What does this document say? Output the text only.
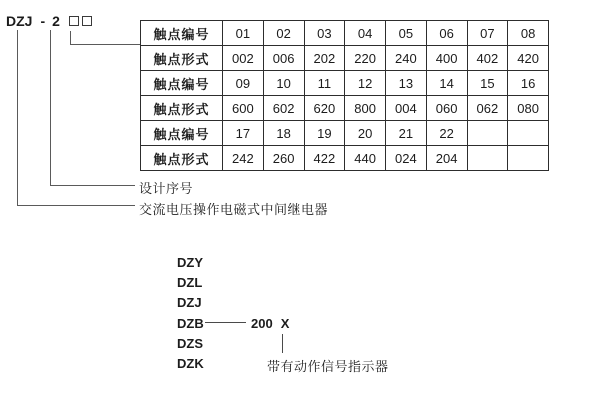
DZJ - 2
触点编号	01	02	03	04	05	06	07	08
触点形式	002	006	202	220	240	400	402	420
触点编号	09	10	11	12	13	14	15	16
触点形式	600	602	620	800	004	060	062	080
触点编号	17	18	19	20	21	22		
触点形式	242	260	422	440	024	204		
设计序号
交流电压操作电磁式中间继电器
DZY
DZL
DZJ
DZB
DZS
DZK
200 X
带有动作信号指示器
